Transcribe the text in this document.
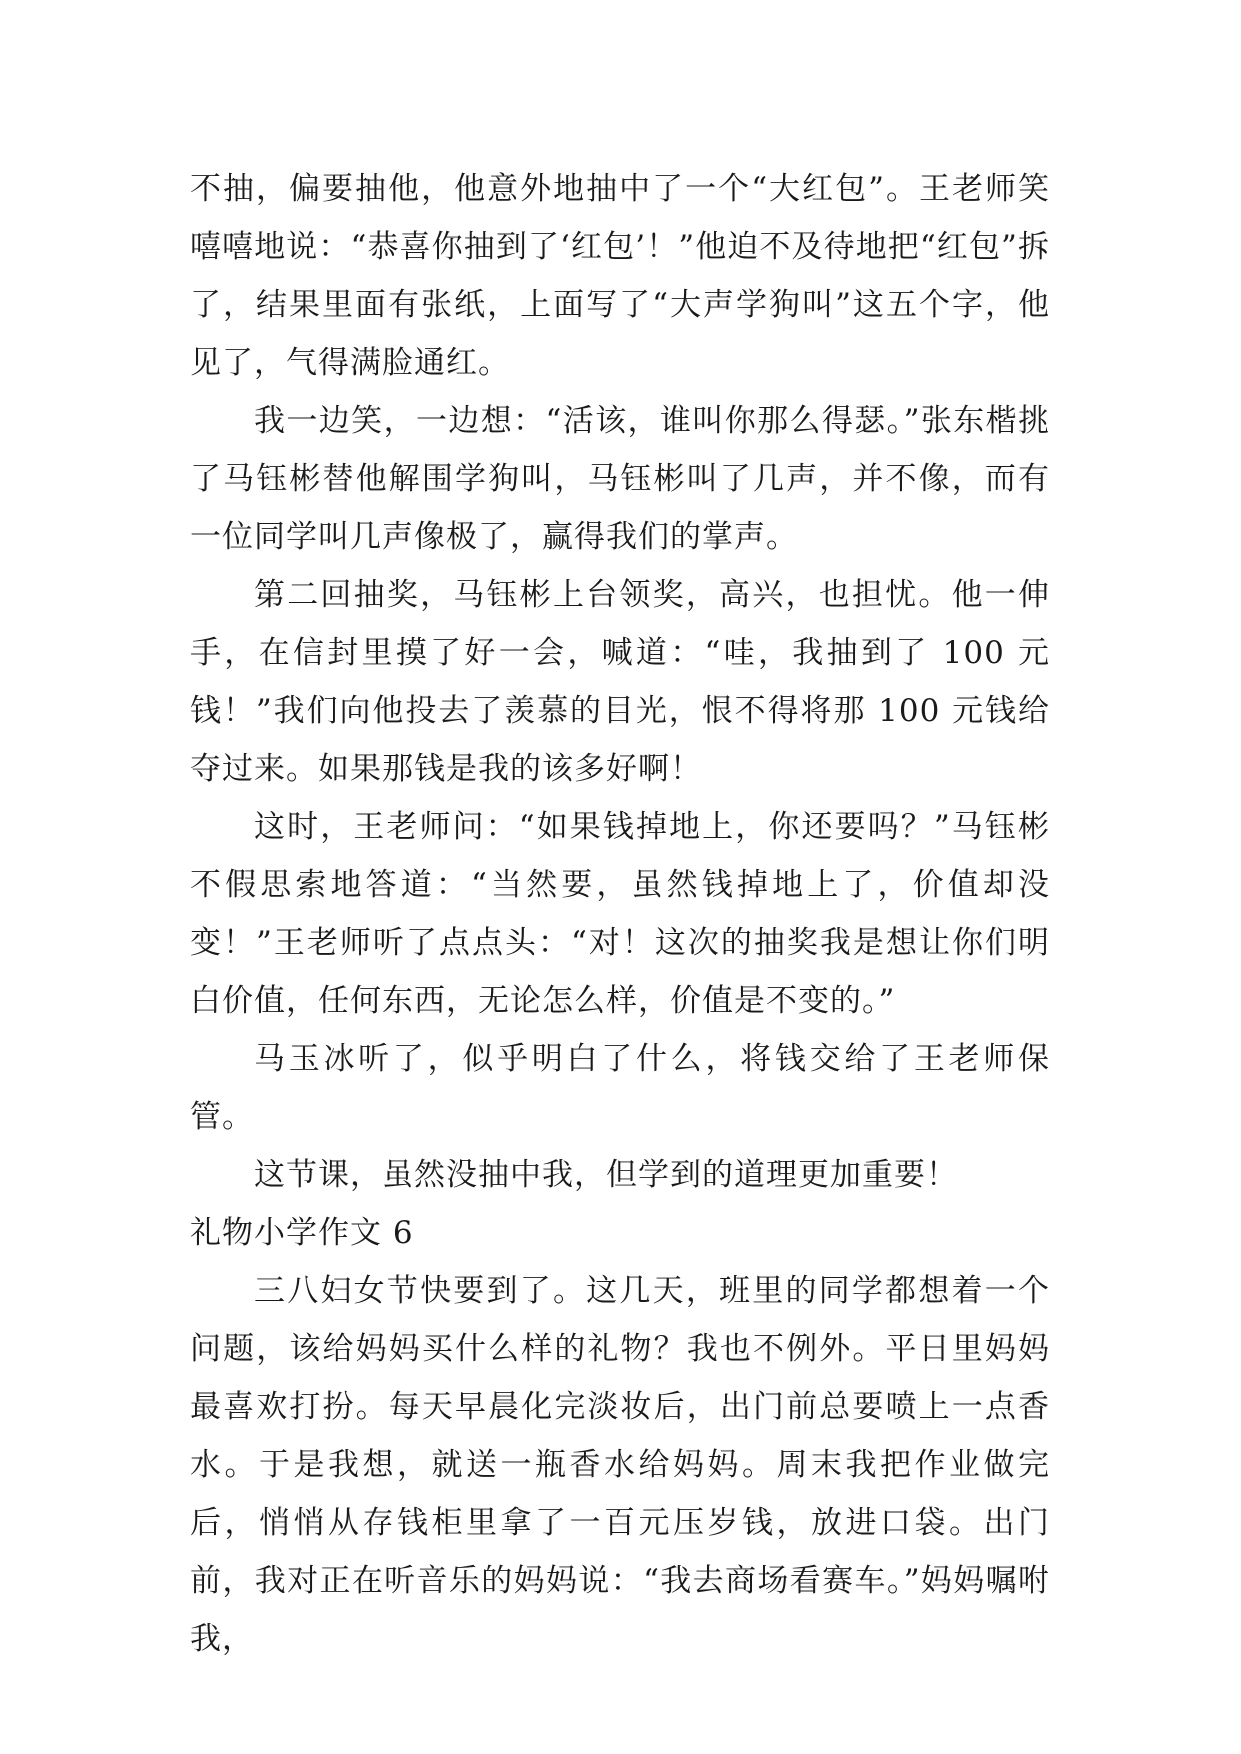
不抽，偏要抽他，他意外地抽中了一个“大红包”。王老师笑嘻嘻地说：“恭喜你抽到了‘红包’！”他迫不及待地把“红包”拆了，结果里面有张纸，上面写了“大声学狗叫”这五个字，他见了，气得满脸通红。

我一边笑，一边想：“活该，谁叫你那么得瑟。”张东楷挑了马钰彬替他解围学狗叫，马钰彬叫了几声，并不像，而有一位同学叫几声像极了，赢得我们的掌声。

第二回抽奖，马钰彬上台领奖，高兴，也担忧。他一伸手，在信封里摸了好一会，喊道：“哇，我抽到了 100 元钱！”我们向他投去了羡慕的目光，恨不得将那 100 元钱给夺过来。如果那钱是我的该多好啊！

这时，王老师问：“如果钱掉地上，你还要吗？”马钰彬不假思索地答道：“当然要，虽然钱掉地上了，价值却没变！”王老师听了点点头：“对！这次的抽奖我是想让你们明白价值，任何东西，无论怎么样，价值是不变的。”

马玉冰听了，似乎明白了什么，将钱交给了王老师保管。

这节课，虽然没抽中我，但学到的道理更加重要！

礼物小学作文 6

三八妇女节快要到了。这几天，班里的同学都想着一个问题，该给妈妈买什么样的礼物？我也不例外。平日里妈妈最喜欢打扮。每天早晨化完淡妆后，出门前总要喷上一点香水。于是我想，就送一瓶香水给妈妈。周末我把作业做完后，悄悄从存钱柜里拿了一百元压岁钱，放进口袋。出门前，我对正在听音乐的妈妈说：“我去商场看赛车。”妈妈嘱咐我，
